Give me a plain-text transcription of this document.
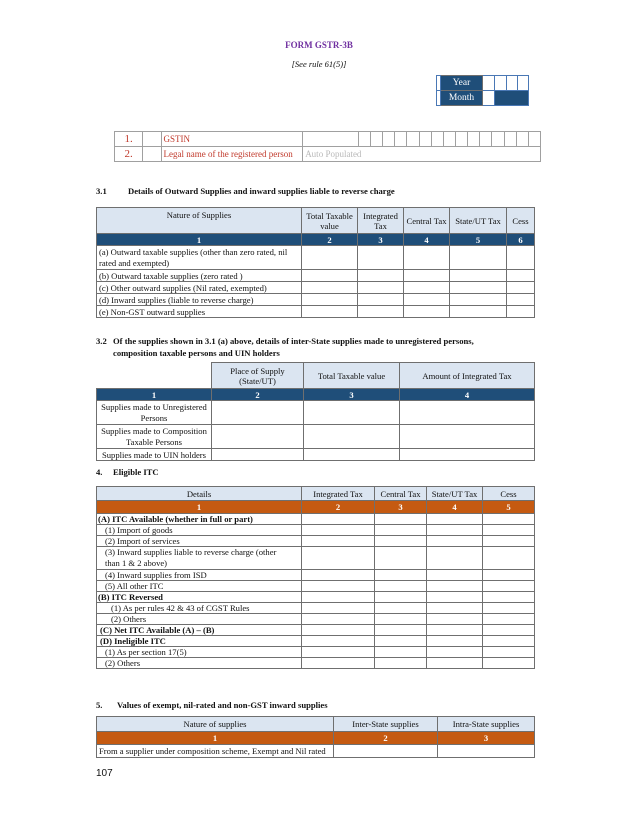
FORM GSTR-3B
[See rule 61(5)]
	Year				
	Month				
1.		GSTIN																
2.		Legal name of the registered person	Auto Populated															
3.1 Details of Outward Supplies and inward supplies liable to reverse charge
Nature of Supplies	Total Taxable value	Integrated Tax	Central Tax	State/UT Tax	Cess
1	2	3	4	5	6
(a) Outward taxable supplies (other than zero rated, nil rated and exempted)					
(b) Outward taxable supplies (zero rated )					
(c) Other outward supplies (Nil rated, exempted)					
(d) Inward supplies (liable to reverse charge)					
(e) Non-GST outward supplies					
3.2 Of the supplies shown in 3.1 (a) above, details of inter-State supplies made to unregistered persons,
composition taxable persons and UIN holders
	Place of Supply (State/UT)	Total Taxable value	Amount of Integrated Tax
1	2	3	4
Supplies made to Unregistered Persons			
Supplies made to Composition Taxable Persons			
Supplies made to UIN holders			
4. Eligible ITC
Details	Integrated Tax	Central Tax	State/UT Tax	Cess
1	2	3	4	5
(A) ITC Available (whether in full or part)				
(1) Import of goods				
(2) Import of services				
(3) Inward supplies liable to reverse charge (other than 1 & 2 above)				
(4) Inward supplies from ISD				
(5) All other ITC				
(B) ITC Reversed				
(1) As per rules 42 & 43 of CGST Rules				
(2) Others				
(C) Net ITC Available (A) – (B)				
(D) Ineligible ITC				
(1) As per section 17(5)				
(2) Others				
5. Values of exempt, nil-rated and non-GST inward supplies
Nature of supplies	Inter-State supplies	Intra-State supplies
1	2	3
From a supplier under composition scheme, Exempt and Nil rated		
107
